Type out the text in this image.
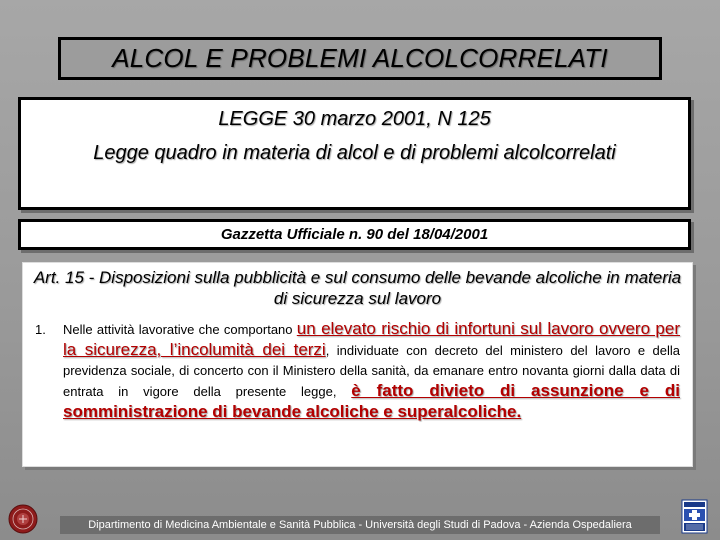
ALCOL E PROBLEMI ALCOLCORRELATI
LEGGE 30 marzo 2001, N 125
Legge quadro in materia di alcol e di problemi alcolcorrelati
Gazzetta Ufficiale n. 90 del 18/04/2001
Art. 15 - Disposizioni sulla pubblicità e sul consumo delle bevande alcoliche in materia di sicurezza sul lavoro
1. Nelle attività lavorative che comportano un elevato rischio di infortuni sul lavoro ovvero per la sicurezza, l’incolumità dei terzi, individuate con decreto del ministero del lavoro e della previdenza sociale, di concerto con il Ministero della sanità, da emanare entro novanta giorni dalla data di entrata in vigore della presente legge, è fatto divieto di assunzione e di somministrazione di bevande alcoliche e superalcoliche.
Dipartimento di Medicina Ambientale e Sanità Pubblica - Università degli Studi di Padova - Azienda Ospedaliera
